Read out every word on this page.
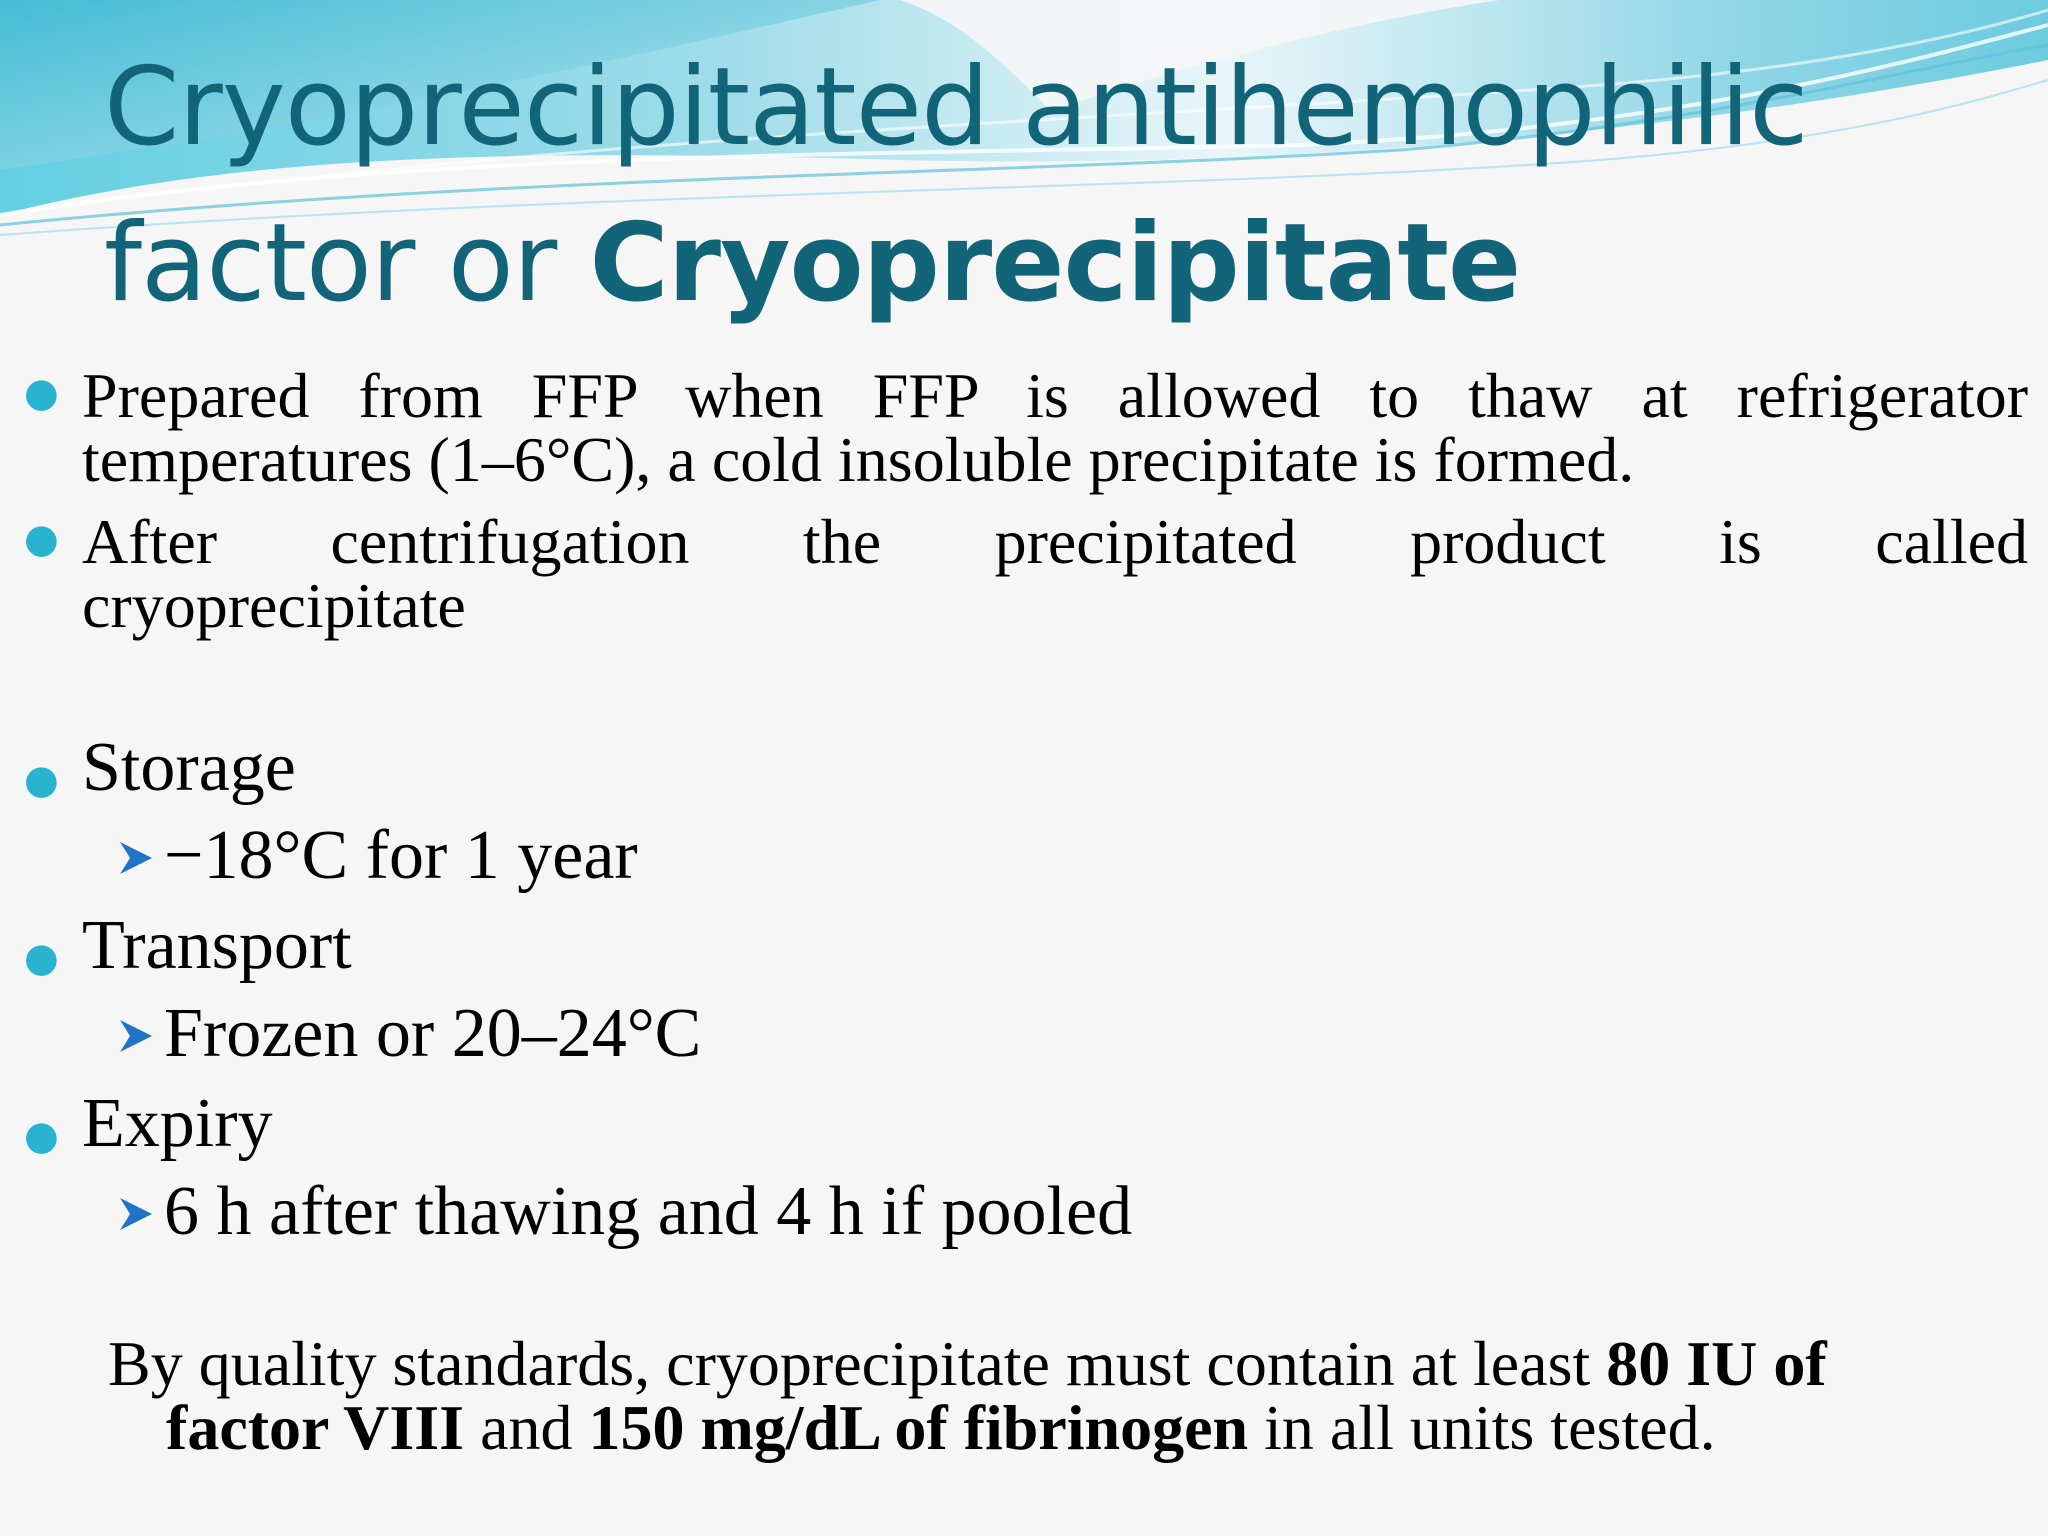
Cryoprecipitated antihemophilic
factor or Cryoprecipitate
● Prepared from FFP when FFP is allowed to thaw at refrigerator
temperatures (1–6°C), a cold insoluble precipitate is formed.
● After centrifugation the precipitated product is called
cryoprecipitate
● Storage
−18°C for 1 year
● Transport
Frozen or 20–24°C
● Expiry
6 h after thawing and 4 h if pooled
By quality standards, cryoprecipitate must contain at least 80 IU of
factor VIII and 150 mg/dL of fibrinogen in all units tested.
